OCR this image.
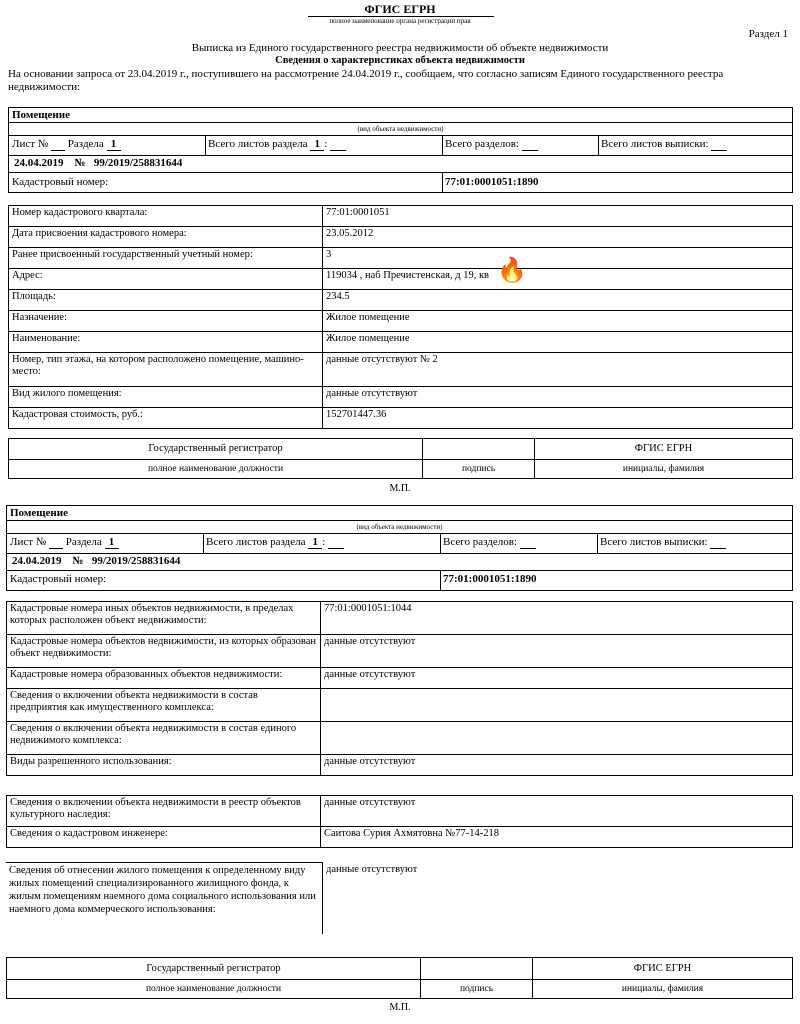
ФГИС ЕГРН
полное наименование органа регистрации прав
Раздел 1
Выписка из Единого государственного реестра недвижимости об объекте недвижимости
Сведения о характеристиках объекта недвижимости
На основании запроса от 23.04.2019 г., поступившего на рассмотрение 24.04.2019 г., сообщаем, что согласно записям Единого государственного реестра недвижимости:
Помещение
(вид объекта недвижимости)
Лист № Раздела 1	Всего листов раздела 1 :	Всего разделов:	Всего листов выписки:
24.04.2019 № 99/2019/258831644
Кадастровый номер:	77:01:0001051:1890
Номер кадастрового квартала:	77:01:0001051
Дата присвоения кадастрового номера:	23.05.2012
Ранее присвоенный государственный учетный номер:	3
Адрес:	119034 , наб Пречистенская, д 19, кв
Площадь:	234.5
Назначение:	Жилое помещение
Наименование:	Жилое помещение
Номер, тип этажа, на котором расположено помещение, машино-место:	данные отсутствуют № 2
Вид жилого помещения:	данные отсутствуют
Кадастровая стоимость, руб.:	152701447.36
🔥
Государственный регистратор		ФГИС ЕГРН
полное наименование должности	подпись	инициалы, фамилия
М.П.
Помещение
(вид объекта недвижимости)
Лист № Раздела 1	Всего листов раздела 1 :	Всего разделов:	Всего листов выписки:
24.04.2019 № 99/2019/258831644
Кадастровый номер:	77:01:0001051:1890
Кадастровые номера иных объектов недвижимости, в пределах которых расположен объект недвижимости:	77:01:0001051:1044
Кадастровые номера объектов недвижимости, из которых образован объект недвижимости:	данные отсутствуют
Кадастровые номера образованных объектов недвижимости:	данные отсутствуют
Сведения о включении объекта недвижимости в состав предприятия как имущественного комплекса:	
Сведения о включении объекта недвижимости в состав единого недвижимого комплекса:	
Виды разрешенного использования:	данные отсутствуют
Сведения о включении объекта недвижимости в реестр объектов культурного наследия:	данные отсутствуют
Сведения о кадастровом инженере:	Саитова Сурия Ахмятовна №77-14-218
Сведения об отнесении жилого помещения к определенному виду жилых помещений специализированного жилищного фонда, к жилым помещениям наемного дома социального использования или наемного дома коммерческого использования:
данные отсутствуют
Государственный регистратор		ФГИС ЕГРН
полное наименование должности	подпись	инициалы, фамилия
М.П.
